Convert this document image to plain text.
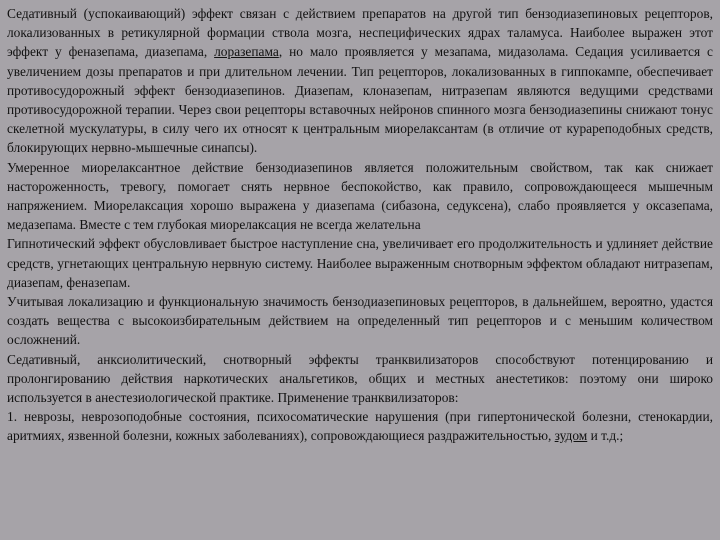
Седативный (успокаивающий) эффект связан с действием препаратов на другой тип бензодиазепиновых рецепторов, локализованных в ретикулярной формации ствола мозга, неспецифических ядрах таламуса. Наиболее выражен этот эффект у феназепама, диазепама, лоразепама, но мало проявляется у мезапама, мидазолама. Седация усиливается с увеличением дозы препаратов и при длительном лечении. Тип рецепторов, локализованных в гиппокампе, обеспечивает противосудорожный эффект бензодиазепинов. Диазепам, клоназепам, нитразепам являются ведущими средствами противосудорожной терапии. Через свои рецепторы вставочных нейронов спинного мозга бензодиазепины снижают тонус скелетной мускулатуры, в силу чего их относят к центральным миорелаксантам (в отличие от курареподобных средств, блокирующих нервно-мышечные синапсы).

Умеренное миорелаксантное действие бензодиазепинов является положительным свойством, так как снижает настороженность, тревогу, помогает снять нервное беспокойство, как правило, сопровождающееся мышечным напряжением. Миорелаксация хорошо выражена у диазепама (сибазона, седуксена), слабо проявляется у оксазепама, медазепама. Вместе с тем глубокая миорелаксация не всегда желательна

Гипнотический эффект обусловливает быстрое наступление сна, увеличивает его продолжительность и удлиняет действие средств, угнетающих центральную нервную систему. Наиболее выраженным снотворным эффектом обладают нитразепам, диазепам, феназепам.

Учитывая локализацию и функциональную значимость бензодиазепиновых рецепторов, в дальнейшем, вероятно, удастся создать вещества с высокоизбирательным действием на определенный тип рецепторов и с меньшим количеством осложнений.

Седативный, анксиолитический, снотворный эффекты транквилизаторов способствуют потенцированию и пролонгированию действия наркотических анальгетиков, общих и местных анестетиков: поэтому они широко используется в анестезиологической практике. Применение транквилизаторов:

1. неврозы, неврозоподобные состояния, психосоматические нарушения (при гипертонической болезни, стенокардии, аритмиях, язвенной болезни, кожных заболеваниях), сопровождающиеся раздражительностью, зудом и т.д.;
